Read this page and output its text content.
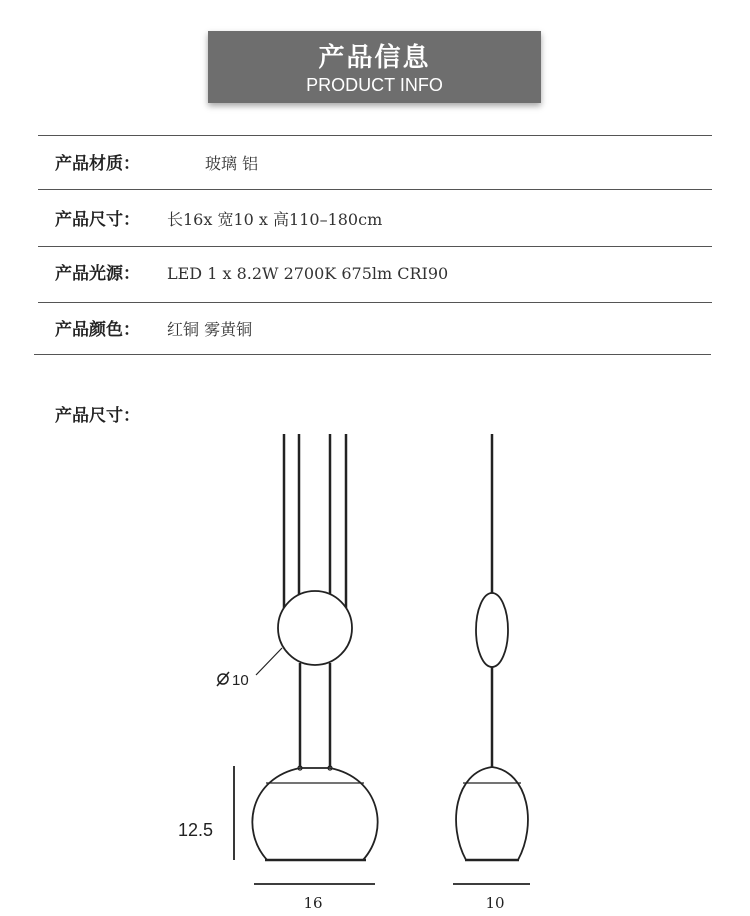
产品信息
PRODUCT INFO
产品材质：	玻璃 铝
产品尺寸： 长16x 宽10 x 高110–180cm
产品光源： LED 1 x 8.2W 2700K 675lm CRI90
产品颜色： 红铜 雾黄铜
产品尺寸：
10
12.5
16	10
